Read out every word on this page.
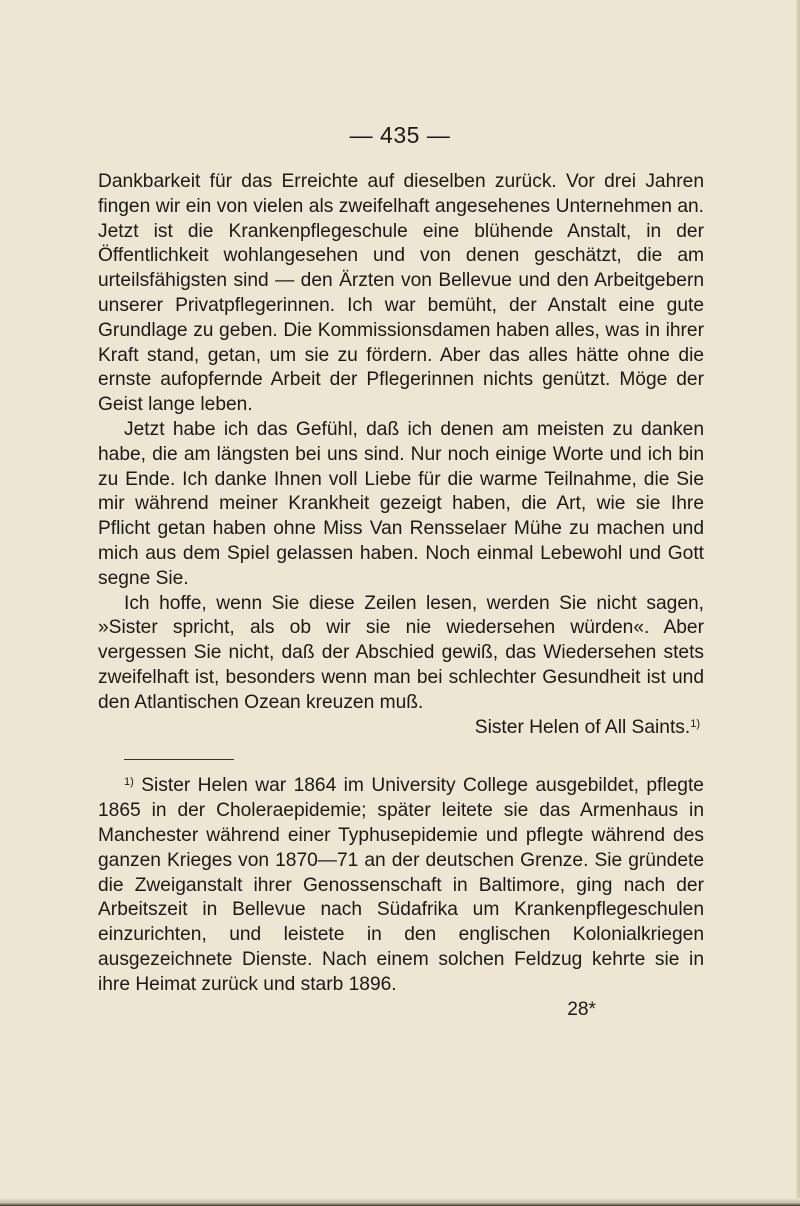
— 435 —

Dankbarkeit für das Erreichte auf dieselben zurück. Vor drei Jahren fingen wir ein von vielen als zweifelhaft angesehenes Unternehmen an. Jetzt ist die Krankenpflegeschule eine blühende Anstalt, in der Öffentlichkeit wohlangesehen und von denen geschätzt, die am urteilsfähigsten sind — den Ärzten von Bellevue und den Arbeitgebern unserer Privatpflegerinnen. Ich war bemüht, der Anstalt eine gute Grundlage zu geben. Die Kommissionsdamen haben alles, was in ihrer Kraft stand, getan, um sie zu fördern. Aber das alles hätte ohne die ernste aufopfernde Arbeit der Pflegerinnen nichts genützt. Möge der Geist lange leben.

Jetzt habe ich das Gefühl, daß ich denen am meisten zu danken habe, die am längsten bei uns sind. Nur noch einige Worte und ich bin zu Ende. Ich danke Ihnen voll Liebe für die warme Teilnahme, die Sie mir während meiner Krankheit gezeigt haben, die Art, wie sie Ihre Pflicht getan haben ohne Miss Van Rensselaer Mühe zu machen und mich aus dem Spiel gelassen haben. Noch einmal Lebewohl und Gott segne Sie.

Ich hoffe, wenn Sie diese Zeilen lesen, werden Sie nicht sagen, »Sister spricht, als ob wir sie nie wiedersehen würden«. Aber vergessen Sie nicht, daß der Abschied gewiß, das Wiedersehen stets zweifelhaft ist, besonders wenn man bei schlechter Gesundheit ist und den Atlantischen Ozean kreuzen muß.

Sister Helen of All Saints.$^{1)}$

$^{1)}$ Sister Helen war 1864 im University College ausgebildet, pflegte 1865 in der Choleraepidemie; später leitete sie das Armenhaus in Manchester während einer Typhusepidemie und pflegte während des ganzen Krieges von 1870—71 an der deutschen Grenze. Sie gründete die Zweiganstalt ihrer Genossenschaft in Baltimore, ging nach der Arbeitszeit in Bellevue nach Südafrika um Krankenpflegeschulen einzurichten, und leistete in den englischen Kolonialkriegen ausgezeichnete Dienste. Nach einem solchen Feldzug kehrte sie in ihre Heimat zurück und starb 1896.

28*
